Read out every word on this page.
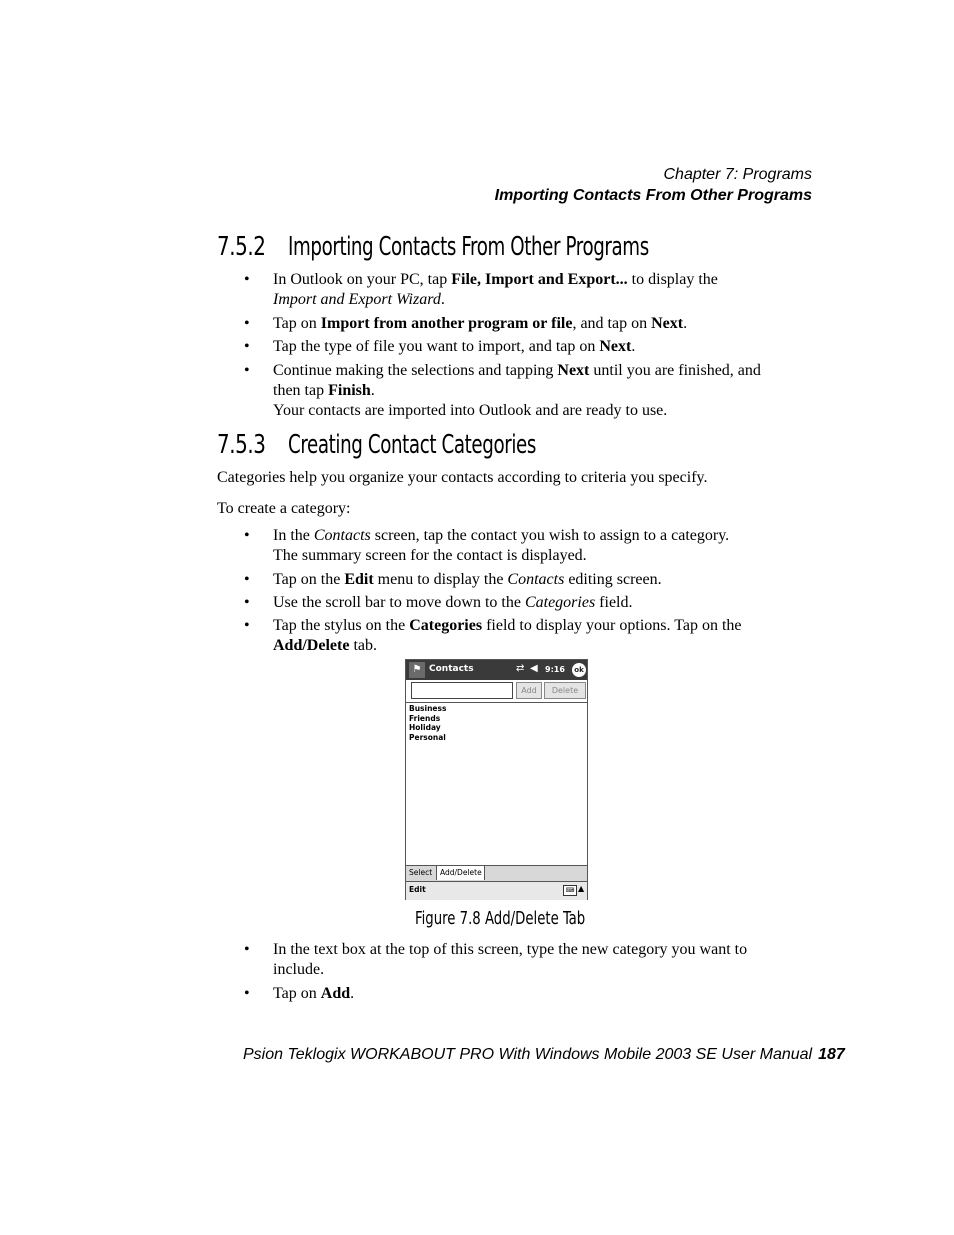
Chapter 7: Programs
Importing Contacts From Other Programs
7.5.2 Importing Contacts From Other Programs
• In Outlook on your PC, tap File, Import and Export... to display the
Import and Export Wizard.
• Tap on Import from another program or file, and tap on Next.
• Tap the type of file you want to import, and tap on Next.
• Continue making the selections and tapping Next until you are finished, and
then tap Finish.
Your contacts are imported into Outlook and are ready to use.
7.5.3 Creating Contact Categories
Categories help you organize your contacts according to criteria you specify.
To create a category:
• In the Contacts screen, tap the contact you wish to assign to a category.
The summary screen for the contact is displayed.
• Tap on the Edit menu to display the Contacts editing screen.
• Use the scroll bar to move down to the Categories field.
• Tap the stylus on the Categories field to display your options. Tap on the
Add/Delete tab.
⚑ Contacts	⇄ ◀ 9:16	ok
Add	Delete
Business
Friends
Holiday
Personal
Select	Add/Delete
Edit	⌨ ▲
Figure 7.8 Add/Delete Tab
• In the text box at the top of this screen, type the new category you want to
include.
• Tap on Add.
Psion Teklogix WORKABOUT PRO With Windows Mobile 2003 SE User Manual 187
